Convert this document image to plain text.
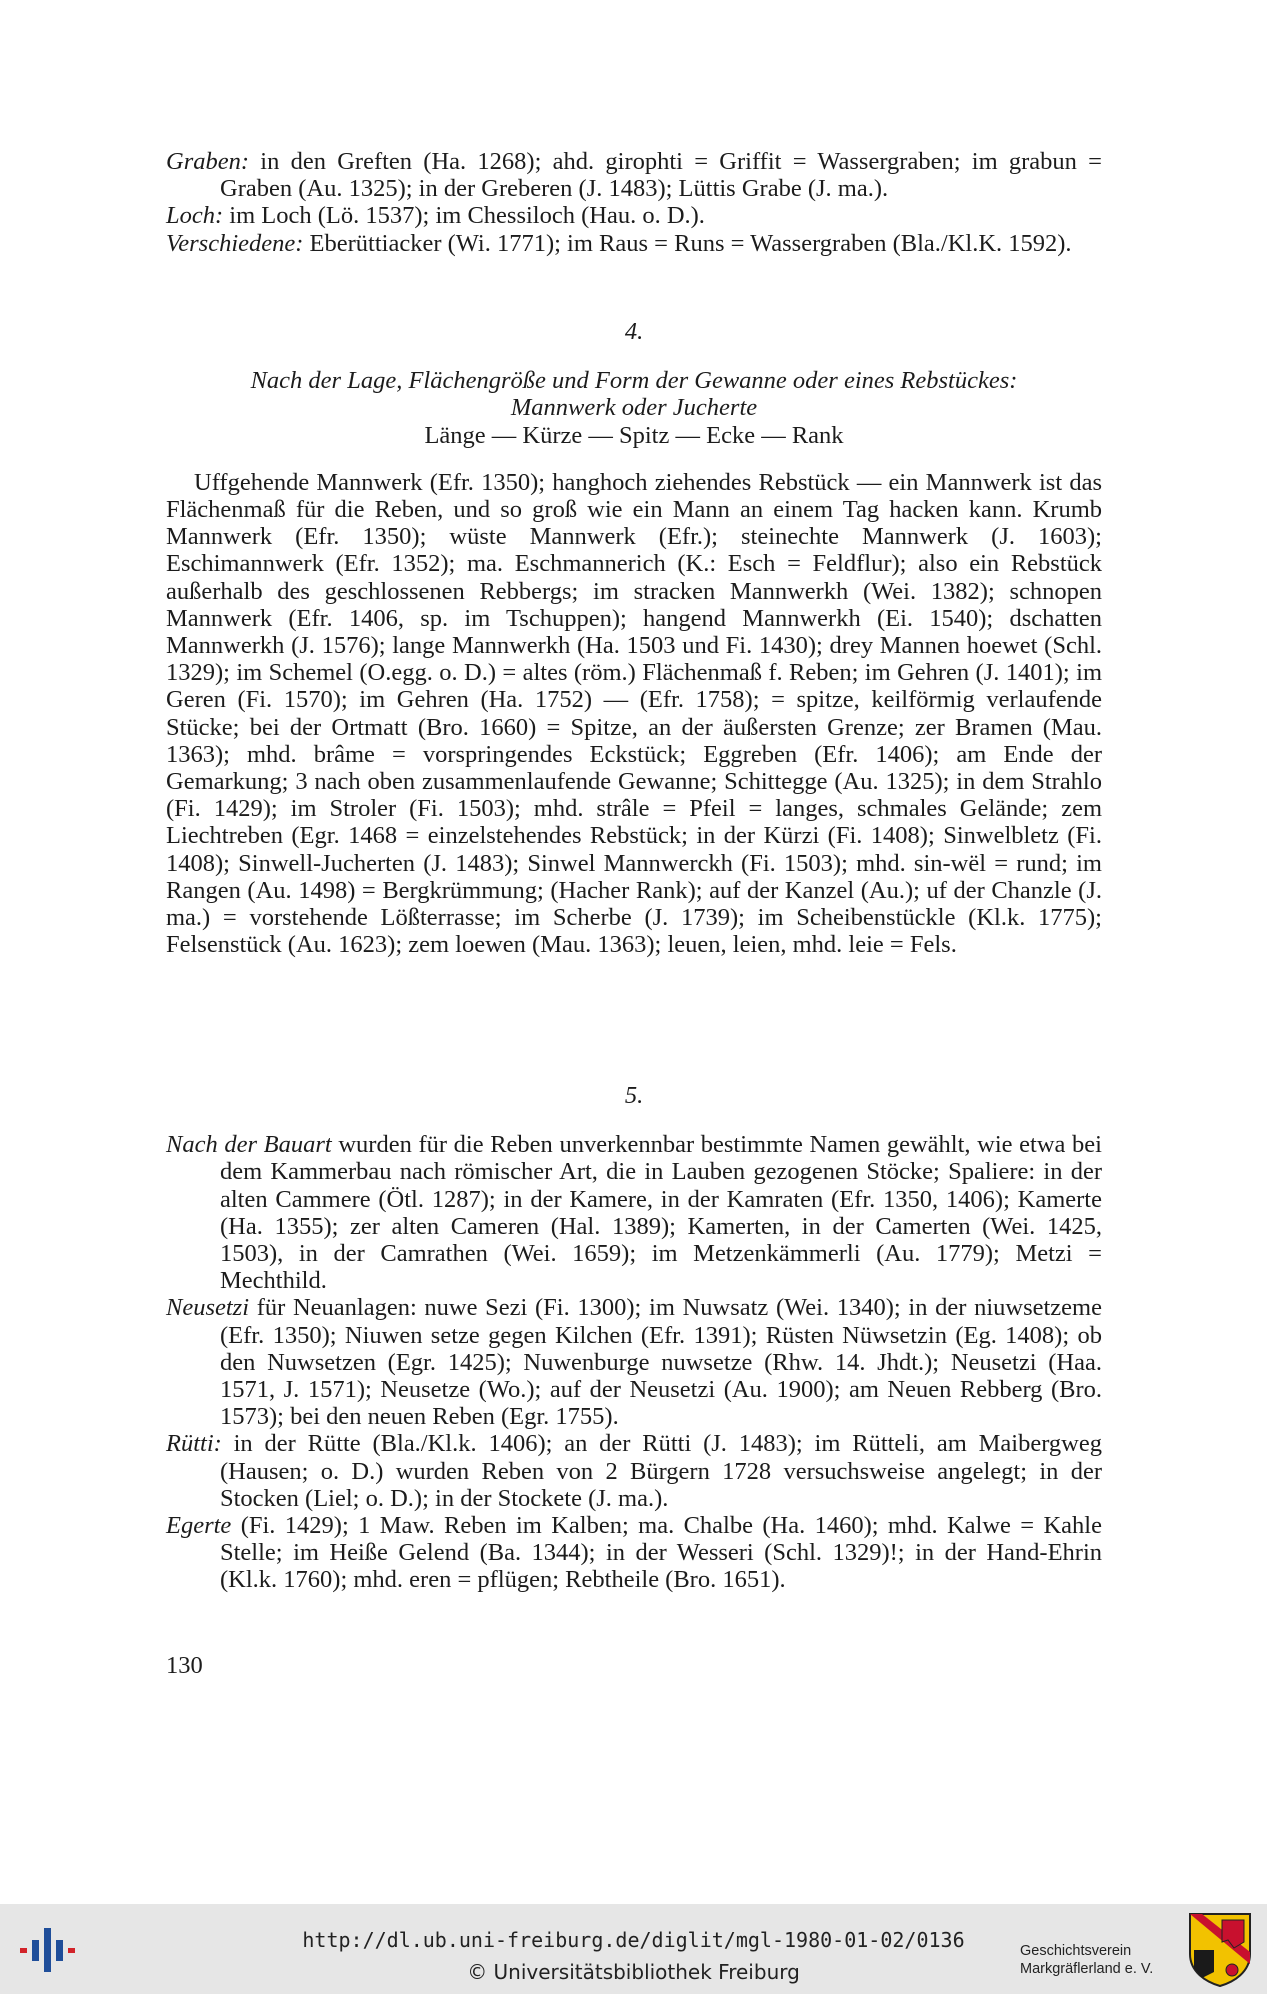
Graben: in den Greften (Ha. 1268); ahd. girophti = Griffit = Wassergraben; im grabun = Graben (Au. 1325); in der Greberen (J. 1483); Lüttis Grabe (J. ma.).

Loch: im Loch (Lö. 1537); im Chessiloch (Hau. o. D.).

Verschiedene: Eberüttiacker (Wi. 1771); im Raus = Runs = Wassergraben (Bla./Kl.K. 1592).

4.

Nach der Lage, Flächengröße und Form der Gewanne oder eines Rebstückes:

Mannwerk oder Jucherte

Länge — Kürze — Spitz — Ecke — Rank

Uffgehende Mannwerk (Efr. 1350); hanghoch ziehendes Rebstück — ein Mannwerk ist das Flächenmaß für die Reben, und so groß wie ein Mann an einem Tag hacken kann. Krumb Mannwerk (Efr. 1350); wüste Mannwerk (Efr.); steinechte Mannwerk (J. 1603); Eschimannwerk (Efr. 1352); ma. Eschmannerich (K.: Esch = Feldflur); also ein Rebstück außerhalb des geschlossenen Rebbergs; im stracken Mannwerkh (Wei. 1382); schnopen Mannwerk (Efr. 1406, sp. im Tschuppen); hangend Mannwerkh (Ei. 1540); dschatten Mannwerkh (J. 1576); lange Mannwerkh (Ha. 1503 und Fi. 1430); drey Mannen hoewet (Schl. 1329); im Schemel (O.egg. o. D.) = altes (röm.) Flächenmaß f. Reben; im Gehren (J. 1401); im Geren (Fi. 1570); im Gehren (Ha. 1752) — (Efr. 1758); = spitze, keilförmig verlaufende Stücke; bei der Ortmatt (Bro. 1660) = Spitze, an der äußersten Grenze; zer Bramen (Mau. 1363); mhd. brâme = vorspringendes Eckstück; Eggreben (Efr. 1406); am Ende der Gemarkung; 3 nach oben zusammenlaufende Gewanne; Schittegge (Au. 1325); in dem Strahlo (Fi. 1429); im Stroler (Fi. 1503); mhd. strâle = Pfeil = langes, schmales Gelände; zem Liechtreben (Egr. 1468 = einzelstehendes Rebstück; in der Kürzi (Fi. 1408); Sinwelbletz (Fi. 1408); Sinwell-Jucherten (J. 1483); Sinwel Mannwerckh (Fi. 1503); mhd. sin-wël = rund; im Rangen (Au. 1498) = Bergkrümmung; (Hacher Rank); auf der Kanzel (Au.); uf der Chanzle (J. ma.) = vorstehende Lößterrasse; im Scherbe (J. 1739); im Scheibenstückle (Kl.k. 1775); Felsenstück (Au. 1623); zem loewen (Mau. 1363); leuen, leien, mhd. leie = Fels.

5.

Nach der Bauart wurden für die Reben unverkennbar bestimmte Namen gewählt, wie etwa bei dem Kammerbau nach römischer Art, die in Lauben gezogenen Stöcke; Spaliere: in der alten Cammere (Ötl. 1287); in der Kamere, in der Kamraten (Efr. 1350, 1406); Kamerte (Ha. 1355); zer alten Cameren (Hal. 1389); Kamerten, in der Camerten (Wei. 1425, 1503), in der Camrathen (Wei. 1659); im Metzenkämmerli (Au. 1779); Metzi = Mechthild.

Neusetzi für Neuanlagen: nuwe Sezi (Fi. 1300); im Nuwsatz (Wei. 1340); in der niuwsetzeme (Efr. 1350); Niuwen setze gegen Kilchen (Efr. 1391); Rüsten Nüwsetzin (Eg. 1408); ob den Nuwsetzen (Egr. 1425); Nuwenburge nuwsetze (Rhw. 14. Jhdt.); Neusetzi (Haa. 1571, J. 1571); Neusetze (Wo.); auf der Neusetzi (Au. 1900); am Neuen Rebberg (Bro. 1573); bei den neuen Reben (Egr. 1755).

Rütti: in der Rütte (Bla./Kl.k. 1406); an der Rütti (J. 1483); im Rütteli, am Maibergweg (Hausen; o. D.) wurden Reben von 2 Bürgern 1728 versuchsweise angelegt; in der Stocken (Liel; o. D.); in der Stockete (J. ma.).

Egerte (Fi. 1429); 1 Maw. Reben im Kalben; ma. Chalbe (Ha. 1460); mhd. Kalwe = Kahle Stelle; im Heiße Gelend (Ba. 1344); in der Wesseri (Schl. 1329)!; in der Hand-Ehrin (Kl.k. 1760); mhd. eren = pflügen; Rebtheile (Bro. 1651).

130

http://dl.ub.uni-freiburg.de/diglit/mgl-1980-01-02/0136
© Universitätsbibliothek Freiburg
Geschichtsverein
Markgräflerland e. V.
